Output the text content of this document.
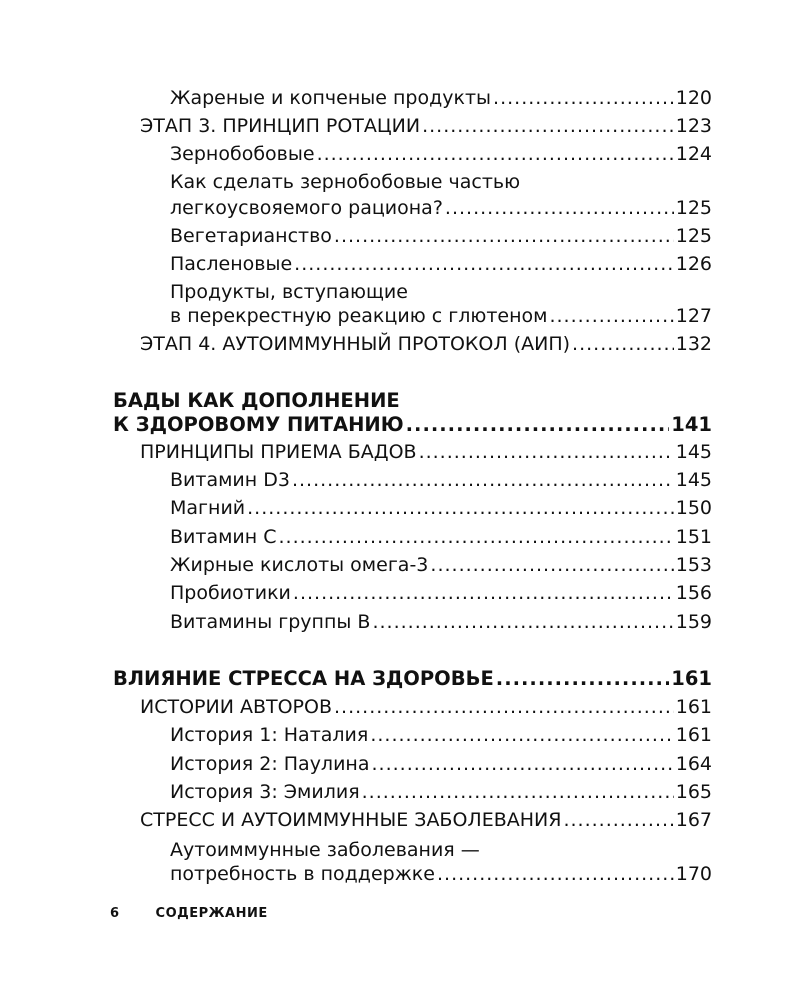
Жареные и копченые продукты .....	120
ЭТАП 3. ПРИНЦИП РОТАЦИИ .....	123
Зернобобовые .....	124
Как сделать зернобобовые частью
легкоусвояемого рациона? .....	125
Вегетарианство .....	125
Пасленовые .....	126
Продукты, вступающие
в перекрестную реакцию с глютеном .....	127
ЭТАП 4. АУТОИММУННЫЙ ПРОТОКОЛ (АИП) .....	132
БАДЫ КАК ДОПОЛНЕНИЕ
К ЗДОРОВОМУ ПИТАНИЮ .....	141
ПРИНЦИПЫ ПРИЕМА БАДОВ .....	145
Витамин D3 .....	145
Магний .....	150
Витамин С .....	151
Жирные кислоты омега-3 .....	153
Пробиотики .....	156
Витамины группы В .....	159
ВЛИЯНИЕ СТРЕССА НА ЗДОРОВЬЕ .....	161
ИСТОРИИ АВТОРОВ .....	161
История 1: Наталия .....	161
История 2: Паулина .....	164
История 3: Эмилия .....	165
СТРЕСС И АУТОИММУННЫЕ ЗАБОЛЕВАНИЯ .....	167
Аутоиммунные заболевания —
потребность в поддержке .....	170
6	СОДЕРЖАНИЕ
